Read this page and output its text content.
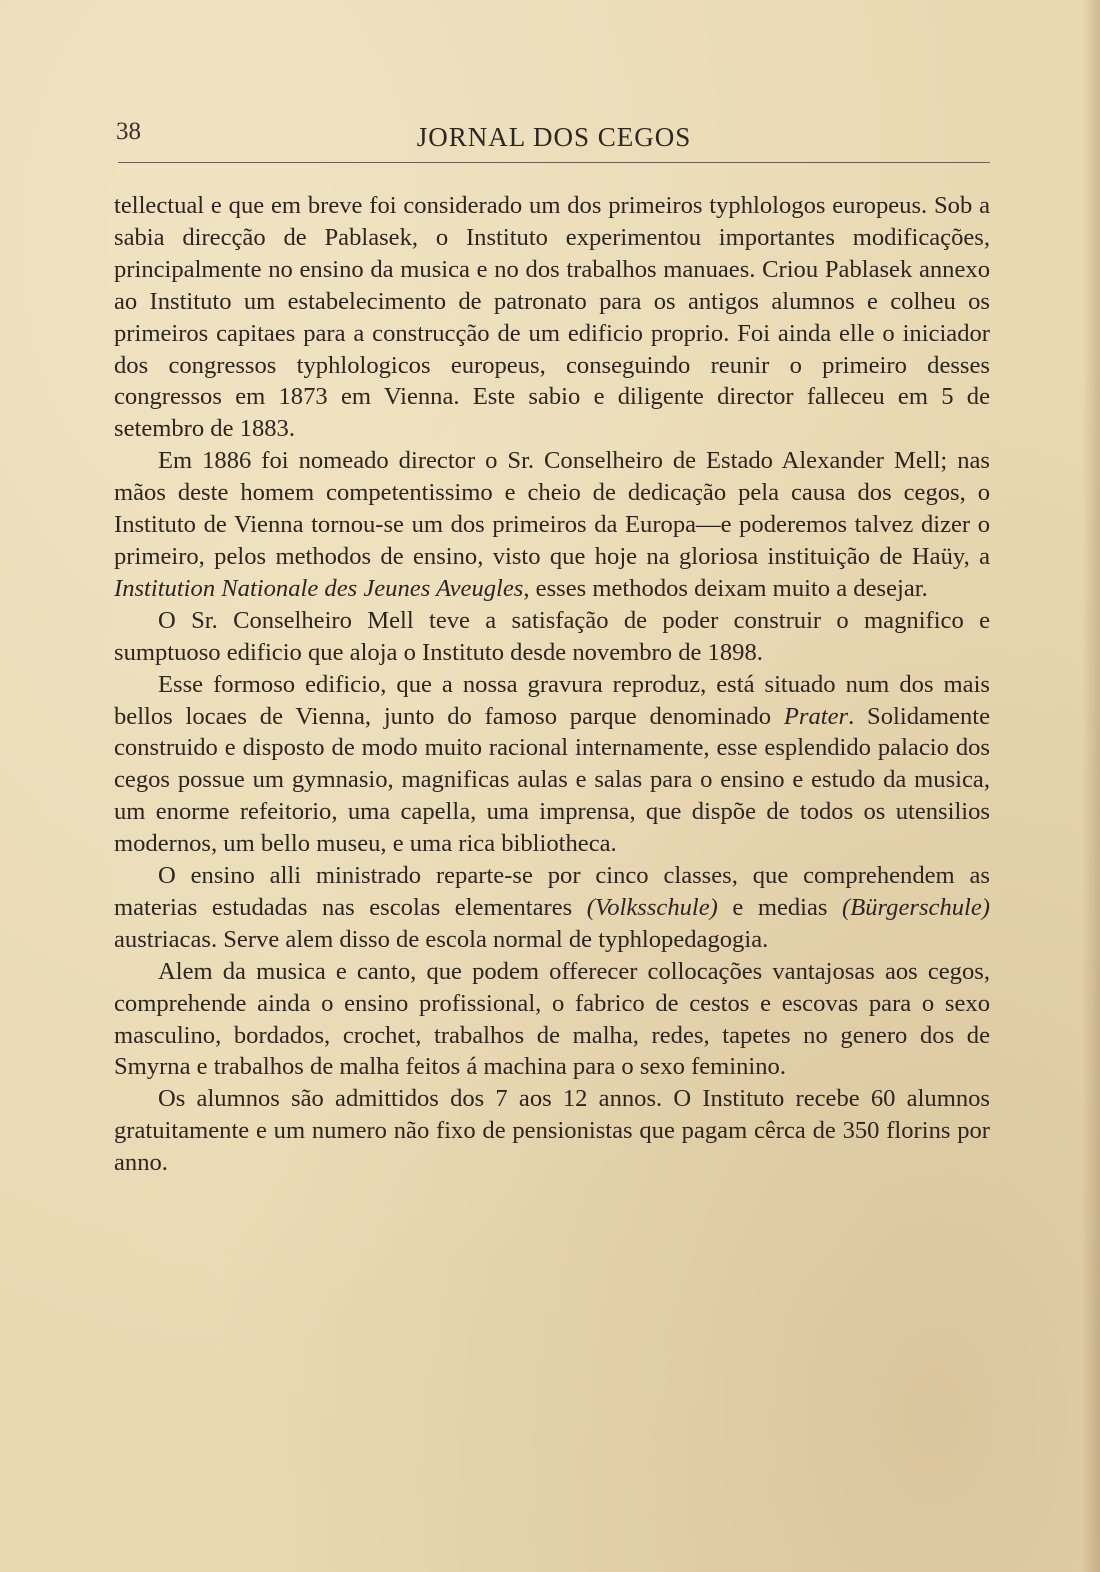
38	JORNAL DOS CEGOS

tellectual e que em breve foi considerado um dos primeiros typhlologos europeus. Sob a sabia direcção de Pablasek, o Instituto experimentou importantes modificações, principalmente no ensino da musica e no dos trabalhos manuaes. Criou Pablasek annexo ao Instituto um estabelecimento de patronato para os antigos alumnos e colheu os primeiros capitaes para a construcção de um edificio proprio. Foi ainda elle o iniciador dos congressos typhlologicos europeus, conseguindo reunir o primeiro desses congressos em 1873 em Vienna. Este sabio e diligente director falleceu em 5 de setembro de 1883.

Em 1886 foi nomeado director o Sr. Conselheiro de Estado Alexander Mell; nas mãos deste homem competentissimo e cheio de dedicação pela causa dos cegos, o Instituto de Vienna tornou-se um dos primeiros da Europa—e poderemos talvez dizer o primeiro, pelos methodos de ensino, visto que hoje na gloriosa instituição de Haüy, a Institution Nationale des Jeunes Aveugles, esses methodos deixam muito a desejar.

O Sr. Conselheiro Mell teve a satisfação de poder construir o magnifico e sumptuoso edificio que aloja o Instituto desde novembro de 1898.

Esse formoso edificio, que a nossa gravura reproduz, está situado num dos mais bellos locaes de Vienna, junto do famoso parque denominado Prater. Solidamente construido e disposto de modo muito racional internamente, esse esplendido palacio dos cegos possue um gymnasio, magnificas aulas e salas para o ensino e estudo da musica, um enorme refeitorio, uma capella, uma imprensa, que dispõe de todos os utensilios modernos, um bello museu, e uma rica bibliotheca.

O ensino alli ministrado reparte-se por cinco classes, que comprehendem as materias estudadas nas escolas elementares (Volksschule) e medias (Bürgerschule) austriacas. Serve alem disso de escola normal de typhlopedagogia.

Alem da musica e canto, que podem offerecer collocações vantajosas aos cegos, comprehende ainda o ensino profissional, o fabrico de cestos e escovas para o sexo masculino, bordados, crochet, trabalhos de malha, redes, tapetes no genero dos de Smyrna e trabalhos de malha feitos á machina para o sexo feminino.

Os alumnos são admittidos dos 7 aos 12 annos. O Instituto recebe 60 alumnos gratuitamente e um numero não fixo de pensionistas que pagam cêrca de 350 florins por anno.
